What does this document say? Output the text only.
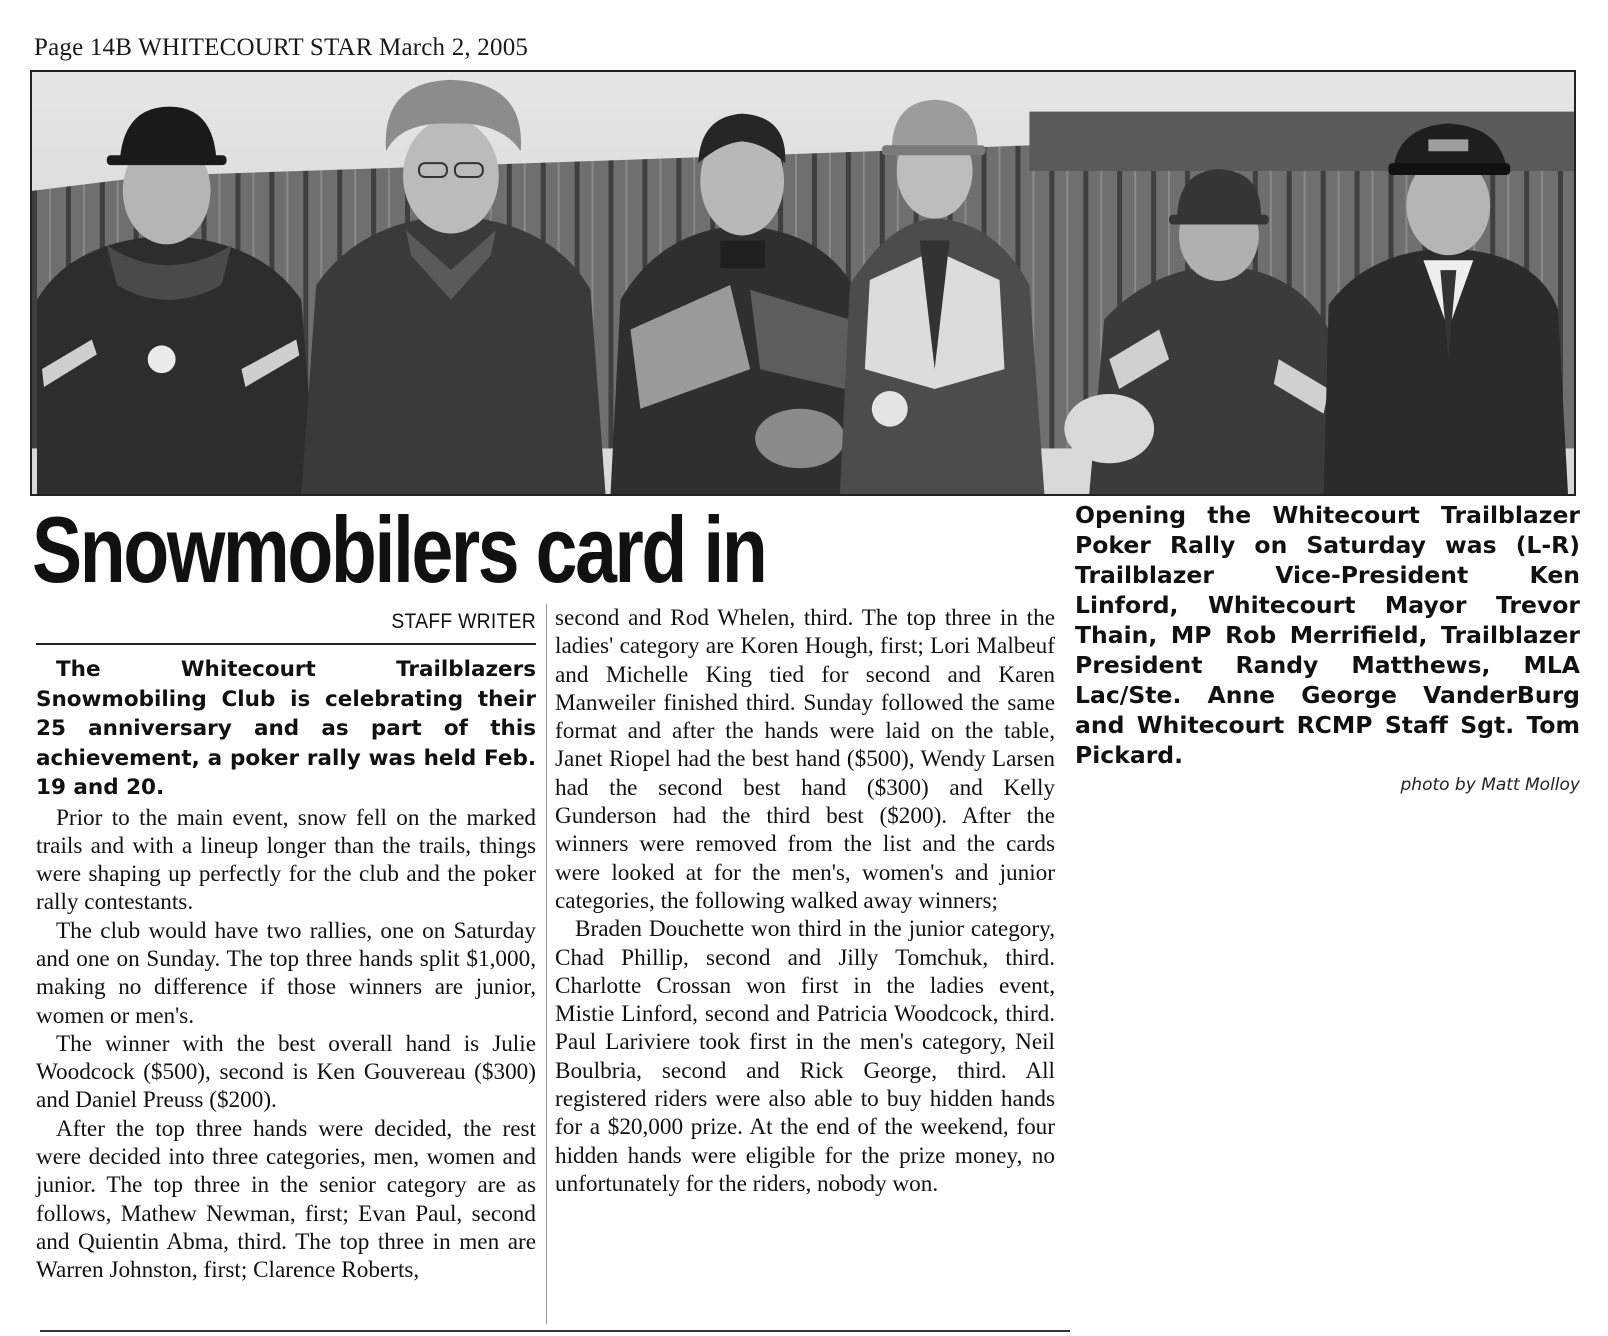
Page 14B WHITECOURT STAR March 2, 2005
Snowmobilers card in	Opening the Whitecourt Trailblazer Poker Rally on Saturday was (L-R) Trailblazer Vice-President Ken Linford, Whitecourt Mayor Trevor Thain, MP Rob Merrifield, Trailblazer President Randy Matthews, MLA Lac/Ste. Anne George VanderBurg and Whitecourt RCMP Staff Sgt. Tom Pickard.

photo by Matt Molloy

STAFF WRITER

The Whitecourt Trailblazers Snowmobiling Club is celebrating their 25 anniversary and as part of this achievement, a poker rally was held Feb. 19 and 20.

Prior to the main event, snow fell on the marked trails and with a lineup longer than the trails, things were shaping up perfectly for the club and the poker rally contestants.

The club would have two rallies, one on Saturday and one on Sunday. The top three hands split $1,000, making no difference if those winners are junior, women or men's.

The winner with the best overall hand is Julie Woodcock ($500), second is Ken Gouvereau ($300) and Daniel Preuss ($200).

After the top three hands were decided, the rest were decided into three categories, men, women and junior. The top three in the senior category are as follows, Mathew Newman, first; Evan Paul, second and Quientin Abma, third. The top three in men are Warren Johnston, first; Clarence Roberts,

second and Rod Whelen, third. The top three in the ladies' category are Koren Hough, first; Lori Malbeuf and Michelle King tied for second and Karen Manweiler finished third. Sunday followed the same format and after the hands were laid on the table, Janet Riopel had the best hand ($500), Wendy Larsen had the second best hand ($300) and Kelly Gunderson had the third best ($200). After the winners were removed from the list and the cards were looked at for the men's, women's and junior categories, the following walked away winners;

Braden Douchette won third in the junior category, Chad Phillip, second and Jilly Tomchuk, third. Charlotte Crossan won first in the ladies event, Mistie Linford, second and Patricia Woodcock, third. Paul Lariviere took first in the men's category, Neil Boulbria, second and Rick George, third. All registered riders were also able to buy hidden hands for a $20,000 prize. At the end of the weekend, four hidden hands were eligible for the prize money, no unfortunately for the riders, nobody won.
